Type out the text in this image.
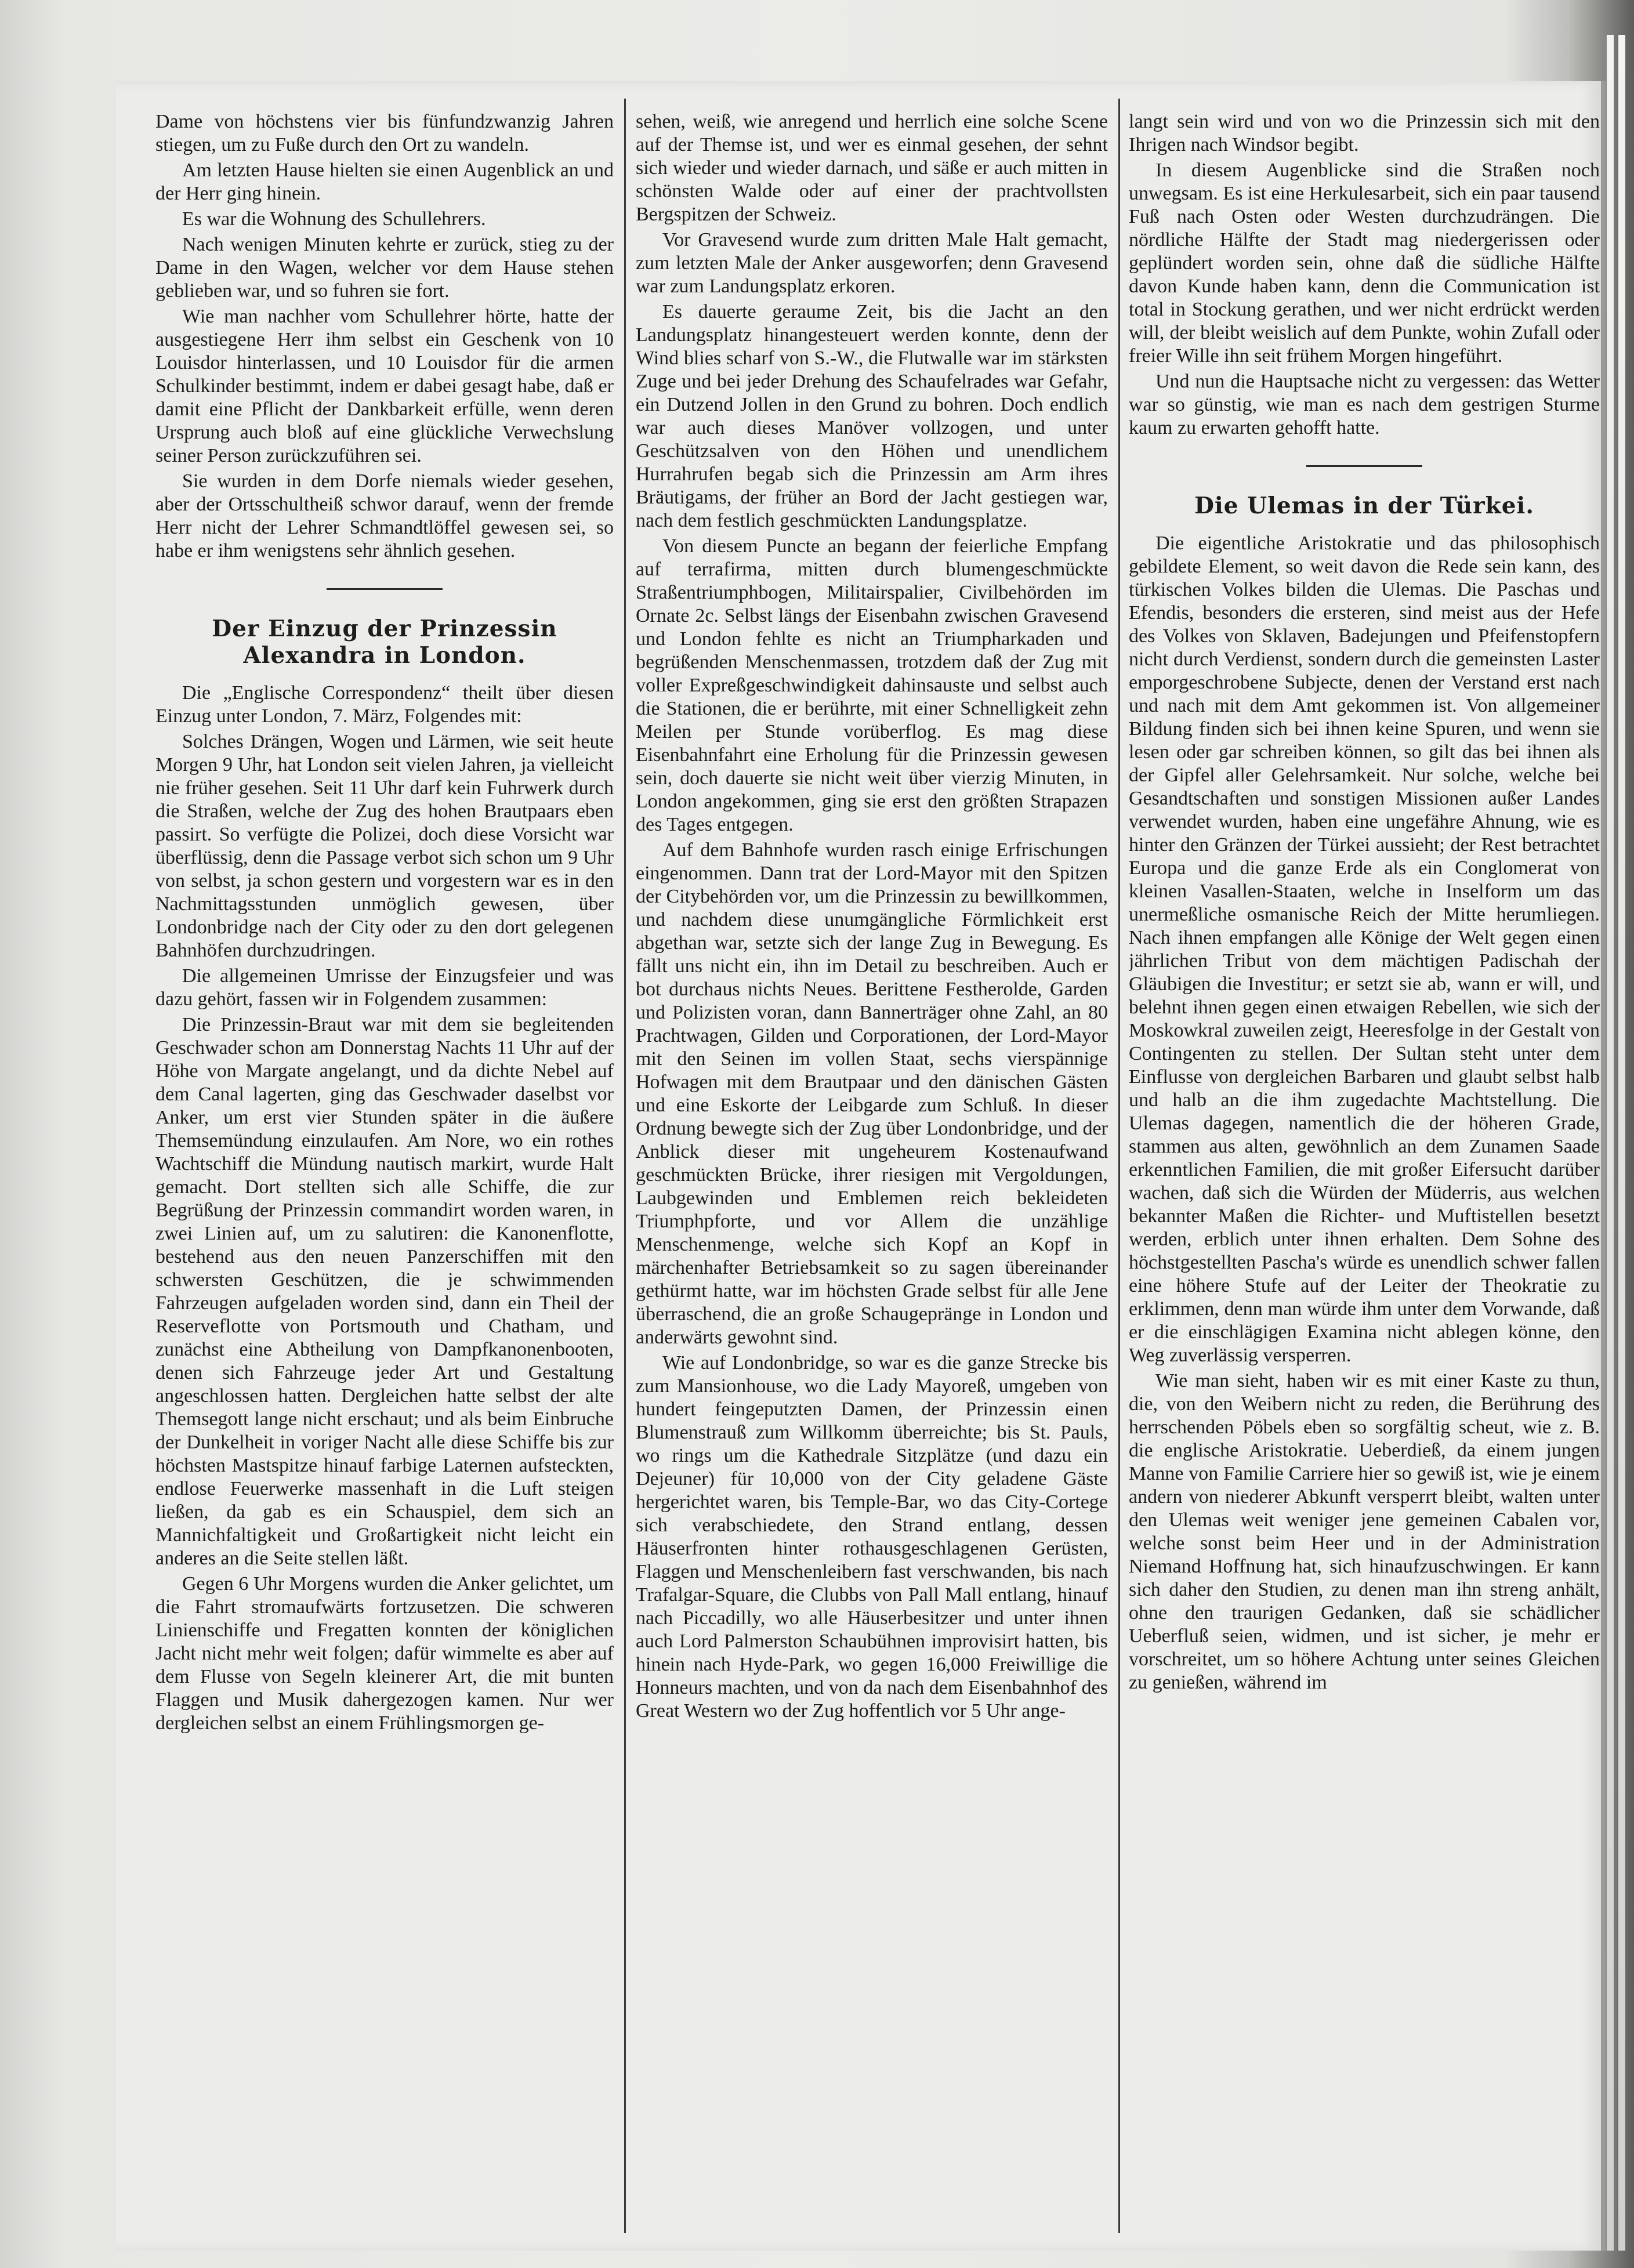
Dame von höchstens vier bis fünfundzwanzig Jahren stiegen, um zu Fuße durch den Ort zu wandeln.

Am letzten Hause hielten sie einen Augenblick an und der Herr ging hinein.

Es war die Wohnung des Schullehrers.

Nach wenigen Minuten kehrte er zurück, stieg zu der Dame in den Wagen, welcher vor dem Hause stehen geblieben war, und so fuhren sie fort.

Wie man nachher vom Schullehrer hörte, hatte der ausgestiegene Herr ihm selbst ein Geschenk von 10 Louisdor hinterlassen, und 10 Louisdor für die armen Schulkinder bestimmt, indem er dabei gesagt habe, daß er damit eine Pflicht der Dankbarkeit erfülle, wenn deren Ursprung auch bloß auf eine glückliche Verwechslung seiner Person zurückzuführen sei.

Sie wurden in dem Dorfe niemals wieder gesehen, aber der Ortsschultheiß schwor darauf, wenn der fremde Herr nicht der Lehrer Schmandtlöffel gewesen sei, so habe er ihm wenigstens sehr ähnlich gesehen.

Der Einzug der Prinzessin Alexandra in London.

Die „Englische Correspondenz“ theilt über diesen Einzug unter London, 7. März, Folgendes mit:

Solches Drängen, Wogen und Lärmen, wie seit heute Morgen 9 Uhr, hat London seit vielen Jahren, ja vielleicht nie früher gesehen. Seit 11 Uhr darf kein Fuhrwerk durch die Straßen, welche der Zug des hohen Brautpaars eben passirt. So verfügte die Polizei, doch diese Vorsicht war überflüssig, denn die Passage verbot sich schon um 9 Uhr von selbst, ja schon gestern und vorgestern war es in den Nachmittagsstunden unmöglich gewesen, über Londonbridge nach der City oder zu den dort gelegenen Bahnhöfen durchzudringen.

Die allgemeinen Umrisse der Einzugsfeier und was dazu gehört, fassen wir in Folgendem zusammen:

Die Prinzessin-Braut war mit dem sie begleitenden Geschwader schon am Donnerstag Nachts 11 Uhr auf der Höhe von Margate angelangt, und da dichte Nebel auf dem Canal lagerten, ging das Geschwader daselbst vor Anker, um erst vier Stunden später in die äußere Themsemündung einzulaufen. Am Nore, wo ein rothes Wachtschiff die Mündung nautisch markirt, wurde Halt gemacht. Dort stellten sich alle Schiffe, die zur Begrüßung der Prinzessin commandirt worden waren, in zwei Linien auf, um zu salutiren: die Kanonenflotte, bestehend aus den neuen Panzerschiffen mit den schwersten Geschützen, die je schwimmenden Fahrzeugen aufgeladen worden sind, dann ein Theil der Reserveflotte von Portsmouth und Chatham, und zunächst eine Abtheilung von Dampfkanonenbooten, denen sich Fahrzeuge jeder Art und Gestaltung angeschlossen hatten. Dergleichen hatte selbst der alte Themsegott lange nicht erschaut; und als beim Einbruche der Dunkelheit in voriger Nacht alle diese Schiffe bis zur höchsten Mastspitze hinauf farbige Laternen aufsteckten, endlose Feuerwerke massenhaft in die Luft steigen ließen, da gab es ein Schauspiel, dem sich an Mannichfaltigkeit und Großartigkeit nicht leicht ein anderes an die Seite stellen läßt.

Gegen 6 Uhr Morgens wurden die Anker gelichtet, um die Fahrt stromaufwärts fortzusetzen. Die schweren Linienschiffe und Fregatten konnten der königlichen Jacht nicht mehr weit folgen; dafür wimmelte es aber auf dem Flusse von Segeln kleinerer Art, die mit bunten Flaggen und Musik dahergezogen kamen. Nur wer dergleichen selbst an einem Frühlingsmorgen ge-

sehen, weiß, wie anregend und herrlich eine solche Scene auf der Themse ist, und wer es einmal gesehen, der sehnt sich wieder und wieder darnach, und säße er auch mitten in schönsten Walde oder auf einer der prachtvollsten Bergspitzen der Schweiz.

Vor Gravesend wurde zum dritten Male Halt gemacht, zum letzten Male der Anker ausgeworfen; denn Gravesend war zum Landungsplatz erkoren.

Es dauerte geraume Zeit, bis die Jacht an den Landungsplatz hinangesteuert werden konnte, denn der Wind blies scharf von S.-W., die Flutwalle war im stärksten Zuge und bei jeder Drehung des Schaufelrades war Gefahr, ein Dutzend Jollen in den Grund zu bohren. Doch endlich war auch dieses Manöver vollzogen, und unter Geschützsalven von den Höhen und unendlichem Hurrahrufen begab sich die Prinzessin am Arm ihres Bräutigams, der früher an Bord der Jacht gestiegen war, nach dem festlich geschmückten Landungsplatze.

Von diesem Puncte an begann der feierliche Empfang auf terrafirma, mitten durch blumengeschmückte Straßentriumphbogen, Militairspalier, Civilbehörden im Ornate 2c. Selbst längs der Eisenbahn zwischen Gravesend und London fehlte es nicht an Triumpharkaden und begrüßenden Menschenmassen, trotzdem daß der Zug mit voller Expreßgeschwindigkeit dahinsauste und selbst auch die Stationen, die er berührte, mit einer Schnelligkeit zehn Meilen per Stunde vorüberflog. Es mag diese Eisenbahnfahrt eine Erholung für die Prinzessin gewesen sein, doch dauerte sie nicht weit über vierzig Minuten, in London angekommen, ging sie erst den größten Strapazen des Tages entgegen.

Auf dem Bahnhofe wurden rasch einige Erfrischungen eingenommen. Dann trat der Lord-Mayor mit den Spitzen der Citybehörden vor, um die Prinzessin zu bewillkommen, und nachdem diese unumgängliche Förmlichkeit erst abgethan war, setzte sich der lange Zug in Bewegung. Es fällt uns nicht ein, ihn im Detail zu beschreiben. Auch er bot durchaus nichts Neues. Berittene Festherolde, Garden und Polizisten voran, dann Bannerträger ohne Zahl, an 80 Prachtwagen, Gilden und Corporationen, der Lord-Mayor mit den Seinen im vollen Staat, sechs vierspännige Hofwagen mit dem Brautpaar und den dänischen Gästen und eine Eskorte der Leibgarde zum Schluß. In dieser Ordnung bewegte sich der Zug über Londonbridge, und der Anblick dieser mit ungeheurem Kostenaufwand geschmückten Brücke, ihrer riesigen mit Vergoldungen, Laubgewinden und Emblemen reich bekleideten Triumphpforte, und vor Allem die unzählige Menschenmenge, welche sich Kopf an Kopf in märchenhafter Betriebsamkeit so zu sagen übereinander gethürmt hatte, war im höchsten Grade selbst für alle Jene überraschend, die an große Schaugepränge in London und anderwärts gewohnt sind.

Wie auf Londonbridge, so war es die ganze Strecke bis zum Mansionhouse, wo die Lady Mayoreß, umgeben von hundert feingeputzten Damen, der Prinzessin einen Blumenstrauß zum Willkomm überreichte; bis St. Pauls, wo rings um die Kathedrale Sitzplätze (und dazu ein Dejeuner) für 10,000 von der City geladene Gäste hergerichtet waren, bis Temple-Bar, wo das City-Cortege sich verabschiedete, den Strand entlang, dessen Häuserfronten hinter rothausgeschlagenen Gerüsten, Flaggen und Menschenleibern fast verschwanden, bis nach Trafalgar-Square, die Clubbs von Pall Mall entlang, hinauf nach Piccadilly, wo alle Häuserbesitzer und unter ihnen auch Lord Palmerston Schaubühnen improvisirt hatten, bis hinein nach Hyde-Park, wo gegen 16,000 Freiwillige die Honneurs machten, und von da nach dem Eisenbahnhof des Great Western wo der Zug hoffentlich vor 5 Uhr ange-

langt sein wird und von wo die Prinzessin sich mit den Ihrigen nach Windsor begibt.

In diesem Augenblicke sind die Straßen noch unwegsam. Es ist eine Herkulesarbeit, sich ein paar tausend Fuß nach Osten oder Westen durchzudrängen. Die nördliche Hälfte der Stadt mag niedergerissen oder geplündert worden sein, ohne daß die südliche Hälfte davon Kunde haben kann, denn die Communication ist total in Stockung gerathen, und wer nicht erdrückt werden will, der bleibt weislich auf dem Punkte, wohin Zufall oder freier Wille ihn seit frühem Morgen hingeführt.

Und nun die Hauptsache nicht zu vergessen: das Wetter war so günstig, wie man es nach dem gestrigen Sturme kaum zu erwarten gehofft hatte.

Die Ulemas in der Türkei.

Die eigentliche Aristokratie und das philosophisch gebildete Element, so weit davon die Rede sein kann, des türkischen Volkes bilden die Ulemas. Die Paschas und Efendis, besonders die ersteren, sind meist aus der Hefe des Volkes von Sklaven, Badejungen und Pfeifenstopfern nicht durch Verdienst, sondern durch die gemeinsten Laster emporgeschrobene Subjecte, denen der Verstand erst nach und nach mit dem Amt gekommen ist. Von allgemeiner Bildung finden sich bei ihnen keine Spuren, und wenn sie lesen oder gar schreiben können, so gilt das bei ihnen als der Gipfel aller Gelehrsamkeit. Nur solche, welche bei Gesandtschaften und sonstigen Missionen außer Landes verwendet wurden, haben eine ungefähre Ahnung, wie es hinter den Gränzen der Türkei aussieht; der Rest betrachtet Europa und die ganze Erde als ein Conglomerat von kleinen Vasallen-Staaten, welche in Inselform um das unermeßliche osmanische Reich der Mitte herumliegen. Nach ihnen empfangen alle Könige der Welt gegen einen jährlichen Tribut von dem mächtigen Padischah der Gläubigen die Investitur; er setzt sie ab, wann er will, und belehnt ihnen gegen einen etwaigen Rebellen, wie sich der Moskowkral zuweilen zeigt, Heeresfolge in der Gestalt von Contingenten zu stellen. Der Sultan steht unter dem Einflusse von dergleichen Barbaren und glaubt selbst halb und halb an die ihm zugedachte Machtstellung. Die Ulemas dagegen, namentlich die der höheren Grade, stammen aus alten, gewöhnlich an dem Zunamen Saade erkenntlichen Familien, die mit großer Eifersucht darüber wachen, daß sich die Würden der Müderris, aus welchen bekannter Maßen die Richter- und Muftistellen besetzt werden, erblich unter ihnen erhalten. Dem Sohne des höchstgestellten Pascha's würde es unendlich schwer fallen eine höhere Stufe auf der Leiter der Theokratie zu erklimmen, denn man würde ihm unter dem Vorwande, daß er die einschlägigen Examina nicht ablegen könne, den Weg zuverlässig versperren.

Wie man sieht, haben wir es mit einer Kaste zu thun, die, von den Weibern nicht zu reden, die Berührung des herrschenden Pöbels eben so sorgfältig scheut, wie z. B. die englische Aristokratie. Ueberdieß, da einem jungen Manne von Familie Carriere hier so gewiß ist, wie je einem andern von niederer Abkunft versperrt bleibt, walten unter den Ulemas weit weniger jene gemeinen Cabalen vor, welche sonst beim Heer und in der Administration Niemand Hoffnung hat, sich hinaufzuschwingen. Er kann sich daher den Studien, zu denen man ihn streng anhält, ohne den traurigen Gedanken, daß sie schädlicher Ueberfluß seien, widmen, und ist sicher, je mehr er vorschreitet, um so höhere Achtung unter seines Gleichen zu genießen, während im
